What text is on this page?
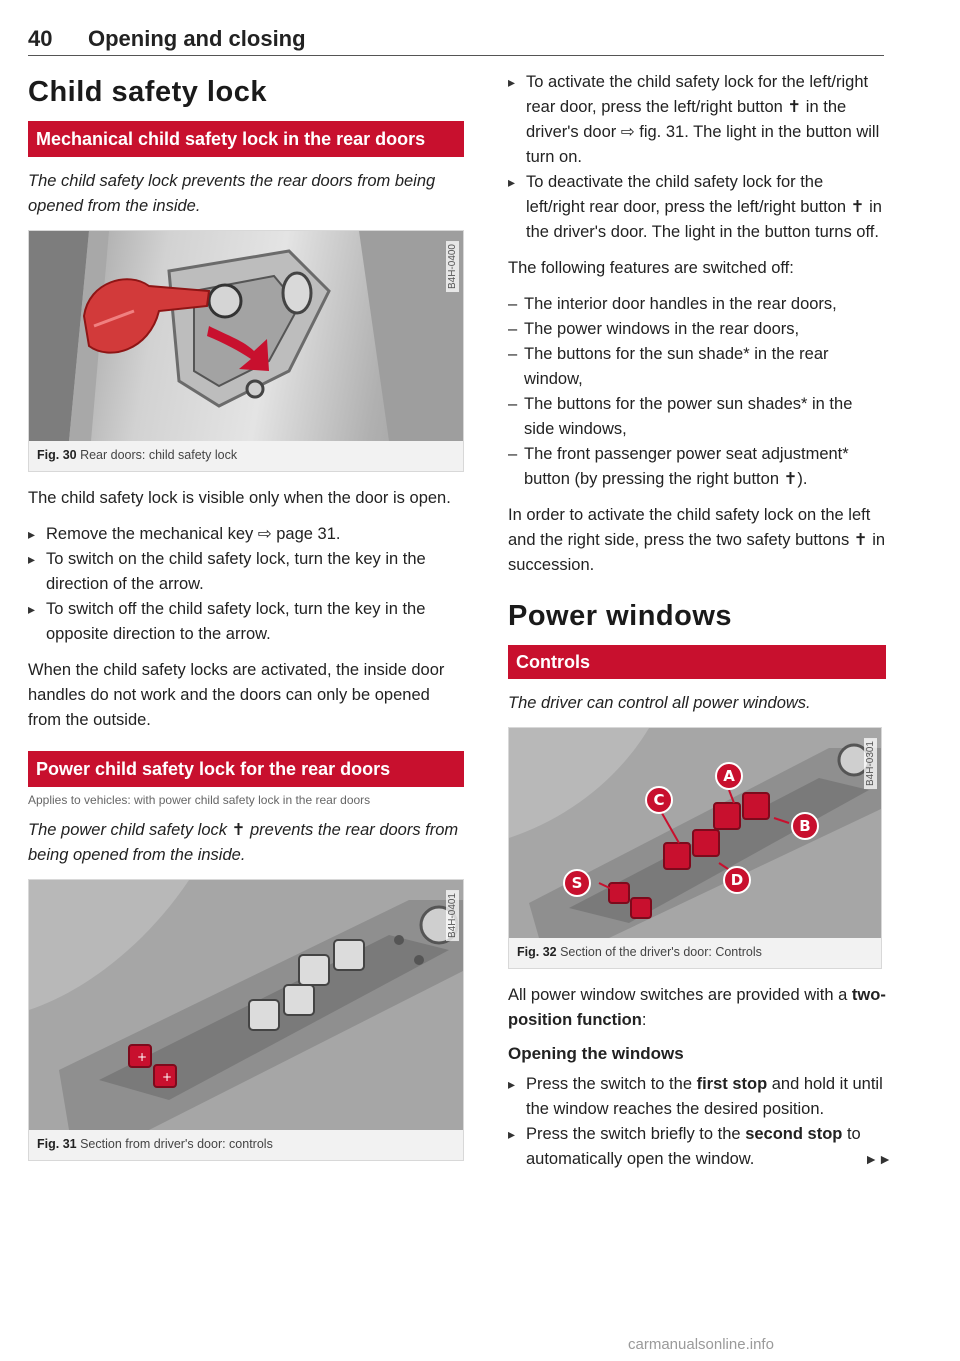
40 Opening and closing
Child safety lock
Mechanical child safety lock in the rear doors

The child safety lock prevents the rear doors from being opened from the inside.

B4H-0400
Fig. 30 Rear doors: child safety lock

The child safety lock is visible only when the door is open.

▸ Remove the mechanical key ⇨ page 31.
▸ To switch on the child safety lock, turn the key in the direction of the arrow.
▸ To switch off the child safety lock, turn the key in the opposite direction to the arrow.

When the child safety locks are activated, the inside door handles do not work and the doors can only be opened from the outside.

Power child safety lock for the rear doors

Applies to vehicles: with power child safety lock in the rear doors

The power child safety lock ✝ prevents the rear doors from being opened from the inside.

+
+
B4H-0401
Fig. 31 Section from driver's door: controls
▸ To activate the child safety lock for the left/right rear door, press the left/right button ✝ in the driver's door ⇨ fig. 31. The light in the button will turn on.
▸ To deactivate the child safety lock for the left/right rear door, press the left/right button ✝ in the driver's door. The light in the button turns off.

The following features are switched off:

– The interior door handles in the rear doors,
– The power windows in the rear doors,
– The buttons for the sun shade* in the rear window,
– The buttons for the power sun shades* in the side windows,
– The front passenger power seat adjustment* button (by pressing the right button ✝).

In order to activate the child safety lock on the left and the right side, press the two safety buttons ✝ in succession.

Power windows
Controls

The driver can control all power windows.

A
B
C
D
S
B4H-0301
Fig. 32 Section of the driver's door: Controls

All power window switches are provided with a two-position function:

Opening the windows
▸ Press the switch to the first stop and hold it until the window reaches the desired position.
▸ Press the switch briefly to the second stop to automatically open the window.	►►
carmanualsonline.info
